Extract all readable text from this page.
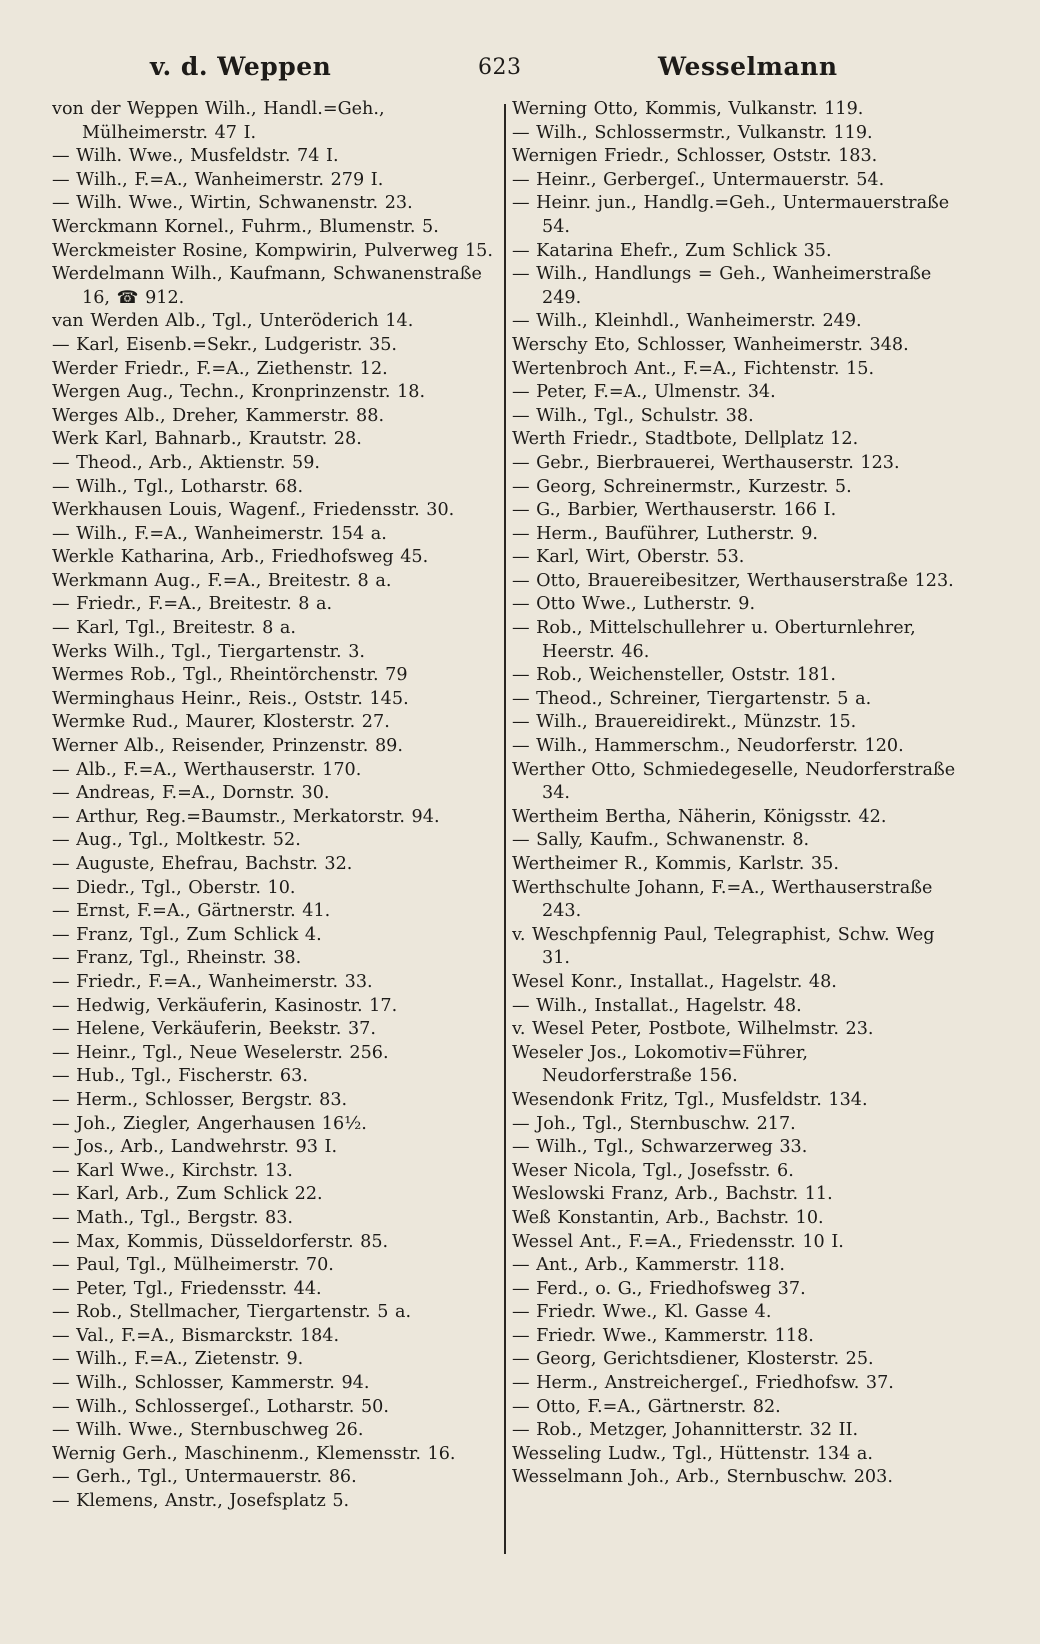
v. d. Weppen	623	Wesselmann
von der Weppen Wilh., Handl.=Geh., Mülheimerstr. 47 I.
— Wilh. Wwe., Musfeldstr. 74 I.
— Wilh., F.=A., Wanheimerstr. 279 I.
— Wilh. Wwe., Wirtin, Schwanenstr. 23.
Werckmann Kornel., Fuhrm., Blumenstr. 5.
Werckmeister Rosine, Kompwirin, Pulverweg 15.
Werdelmann Wilh., Kaufmann, Schwanenstraße 16, ☎ 912.
van Werden Alb., Tgl., Unteröderich 14.
— Karl, Eisenb.=Sekr., Ludgeristr. 35.
Werder Friedr., F.=A., Ziethenstr. 12.
Wergen Aug., Techn., Kronprinzenstr. 18.
Werges Alb., Dreher, Kammerstr. 88.
Werk Karl, Bahnarb., Krautstr. 28.
— Theod., Arb., Aktienstr. 59.
— Wilh., Tgl., Lotharstr. 68.
Werkhausen Louis, Wagenf., Friedensstr. 30.
— Wilh., F.=A., Wanheimerstr. 154 a.
Werkle Katharina, Arb., Friedhofsweg 45.
Werkmann Aug., F.=A., Breitestr. 8 a.
— Friedr., F.=A., Breitestr. 8 a.
— Karl, Tgl., Breitestr. 8 a.
Werks Wilh., Tgl., Tiergartenstr. 3.
Wermes Rob., Tgl., Rheintörchenstr. 79
Werminghaus Heinr., Reis., Oststr. 145.
Wermke Rud., Maurer, Klosterstr. 27.
Werner Alb., Reisender, Prinzenstr. 89.
— Alb., F.=A., Werthauserstr. 170.
— Andreas, F.=A., Dornstr. 30.
— Arthur, Reg.=Baumstr., Merkatorstr. 94.
— Aug., Tgl., Moltkestr. 52.
— Auguste, Ehefrau, Bachstr. 32.
— Diedr., Tgl., Oberstr. 10.
— Ernst, F.=A., Gärtnerstr. 41.
— Franz, Tgl., Zum Schlick 4.
— Franz, Tgl., Rheinstr. 38.
— Friedr., F.=A., Wanheimerstr. 33.
— Hedwig, Verkäuferin, Kasinostr. 17.
— Helene, Verkäuferin, Beekstr. 37.
— Heinr., Tgl., Neue Weselerstr. 256.
— Hub., Tgl., Fischerstr. 63.
— Herm., Schlosser, Bergstr. 83.
— Joh., Ziegler, Angerhausen 16½.
— Jos., Arb., Landwehrstr. 93 I.
— Karl Wwe., Kirchstr. 13.
— Karl, Arb., Zum Schlick 22.
— Math., Tgl., Bergstr. 83.
— Max, Kommis, Düsseldorferstr. 85.
— Paul, Tgl., Mülheimerstr. 70.
— Peter, Tgl., Friedensstr. 44.
— Rob., Stellmacher, Tiergartenstr. 5 a.
— Val., F.=A., Bismarckstr. 184.
— Wilh., F.=A., Zietenstr. 9.
— Wilh., Schlosser, Kammerstr. 94.
— Wilh., Schlossergeſ., Lotharstr. 50.
— Wilh. Wwe., Sternbuschweg 26.
Wernig Gerh., Maschinenm., Klemensstr. 16.
— Gerh., Tgl., Untermauerstr. 86.
— Klemens, Anstr., Josefsplatz 5.
Werning Otto, Kommis, Vulkanstr. 119.
— Wilh., Schlossermstr., Vulkanstr. 119.
Wernigen Friedr., Schlosser, Oststr. 183.
— Heinr., Gerbergeſ., Untermauerstr. 54.
— Heinr. jun., Handlg.=Geh., Untermauerstraße 54.
— Katarina Ehefr., Zum Schlick 35.
— Wilh., Handlungs = Geh., Wanheimerstraße 249.
— Wilh., Kleinhdl., Wanheimerstr. 249.
Werschy Eto, Schlosser, Wanheimerstr. 348.
Wertenbroch Ant., F.=A., Fichtenstr. 15.
— Peter, F.=A., Ulmenstr. 34.
— Wilh., Tgl., Schulstr. 38.
Werth Friedr., Stadtbote, Dellplatz 12.
— Gebr., Bierbrauerei, Werthauserstr. 123.
— Georg, Schreinermstr., Kurzestr. 5.
— G., Barbier, Werthauserstr. 166 I.
— Herm., Bauführer, Lutherstr. 9.
— Karl, Wirt, Oberstr. 53.
— Otto, Brauereibesitzer, Werthauserstraße 123.
— Otto Wwe., Lutherstr. 9.
— Rob., Mittelschullehrer u. Oberturnlehrer, Heerstr. 46.
— Rob., Weichensteller, Oststr. 181.
— Theod., Schreiner, Tiergartenstr. 5 a.
— Wilh., Brauereidirekt., Münzstr. 15.
— Wilh., Hammerschm., Neudorferstr. 120.
Werther Otto, Schmiedegeselle, Neudorferstraße 34.
Wertheim Bertha, Näherin, Königsstr. 42.
— Sally, Kaufm., Schwanenstr. 8.
Wertheimer R., Kommis, Karlstr. 35.
Werthschulte Johann, F.=A., Werthauserstraße 243.
v. Weschpfennig Paul, Telegraphist, Schw. Weg 31.
Wesel Konr., Installat., Hagelstr. 48.
— Wilh., Installat., Hagelstr. 48.
v. Wesel Peter, Postbote, Wilhelmstr. 23.
Weseler Jos., Lokomotiv=Führer, Neudorferstraße 156.
Wesendonk Fritz, Tgl., Musfeldstr. 134.
— Joh., Tgl., Sternbuschw. 217.
— Wilh., Tgl., Schwarzerweg 33.
Weser Nicola, Tgl., Josefsstr. 6.
Weslowski Franz, Arb., Bachstr. 11.
Weß Konstantin, Arb., Bachstr. 10.
Wessel Ant., F.=A., Friedensstr. 10 I.
— Ant., Arb., Kammerstr. 118.
— Ferd., o. G., Friedhofsweg 37.
— Friedr. Wwe., Kl. Gasse 4.
— Friedr. Wwe., Kammerstr. 118.
— Georg, Gerichtsdiener, Klosterstr. 25.
— Herm., Anstreichergeſ., Friedhofsw. 37.
— Otto, F.=A., Gärtnerstr. 82.
— Rob., Metzger, Johannitterstr. 32 II.
Wesseling Ludw., Tgl., Hüttenstr. 134 a.
Wesselmann Joh., Arb., Sternbuschw. 203.
